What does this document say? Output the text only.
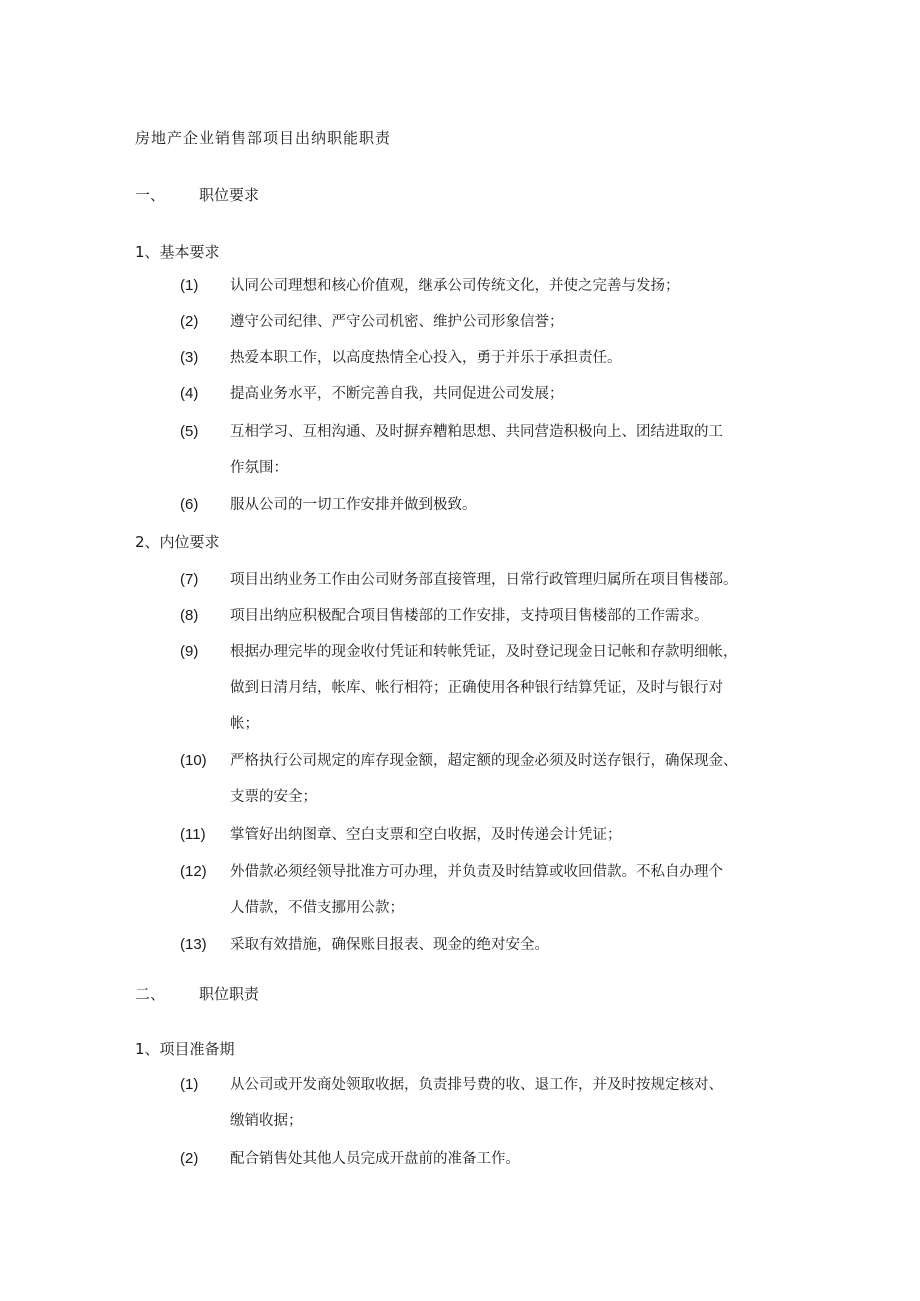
房地产企业销售部项目出纳职能职责
一、 职位要求
1、基本要求
(1) 认同公司理想和核心价值观，继承公司传统文化，并使之完善与发扬；
(2) 遵守公司纪律、严守公司机密、维护公司形象信誉；
(3) 热爱本职工作，以高度热情全心投入，勇于并乐于承担责任。
(4) 提高业务水平，不断完善自我，共同促进公司发展；
(5) 互相学习、互相沟通、及时摒弃糟粕思想、共同营造积极向上、团结进取的工
作氛围：
(6) 服从公司的一切工作安排并做到极致。
2、内位要求
(7) 项目出纳业务工作由公司财务部直接管理，日常行政管理归属所在项目售楼部。
(8) 项目出纳应积极配合项目售楼部的工作安排，支持项目售楼部的工作需求。
(9) 根据办理完毕的现金收付凭证和转帐凭证，及时登记现金日记帐和存款明细帐，
做到日清月结，帐库、帐行相符；正确使用各种银行结算凭证，及时与银行对
帐；
(10) 严格执行公司规定的库存现金额，超定额的现金必须及时送存银行，确保现金、
支票的安全；
(11) 掌管好出纳图章、空白支票和空白收据，及时传递会计凭证；
(12) 外借款必须经领导批准方可办理，并负责及时结算或收回借款。不私自办理个
人借款，不借支挪用公款；
(13) 采取有效措施，确保账目报表、现金的绝对安全。
二、 职位职责
1、项目准备期
(1) 从公司或开发商处领取收据，负责排号费的收、退工作，并及时按规定核对、
缴销收据；
(2) 配合销售处其他人员完成开盘前的准备工作。
